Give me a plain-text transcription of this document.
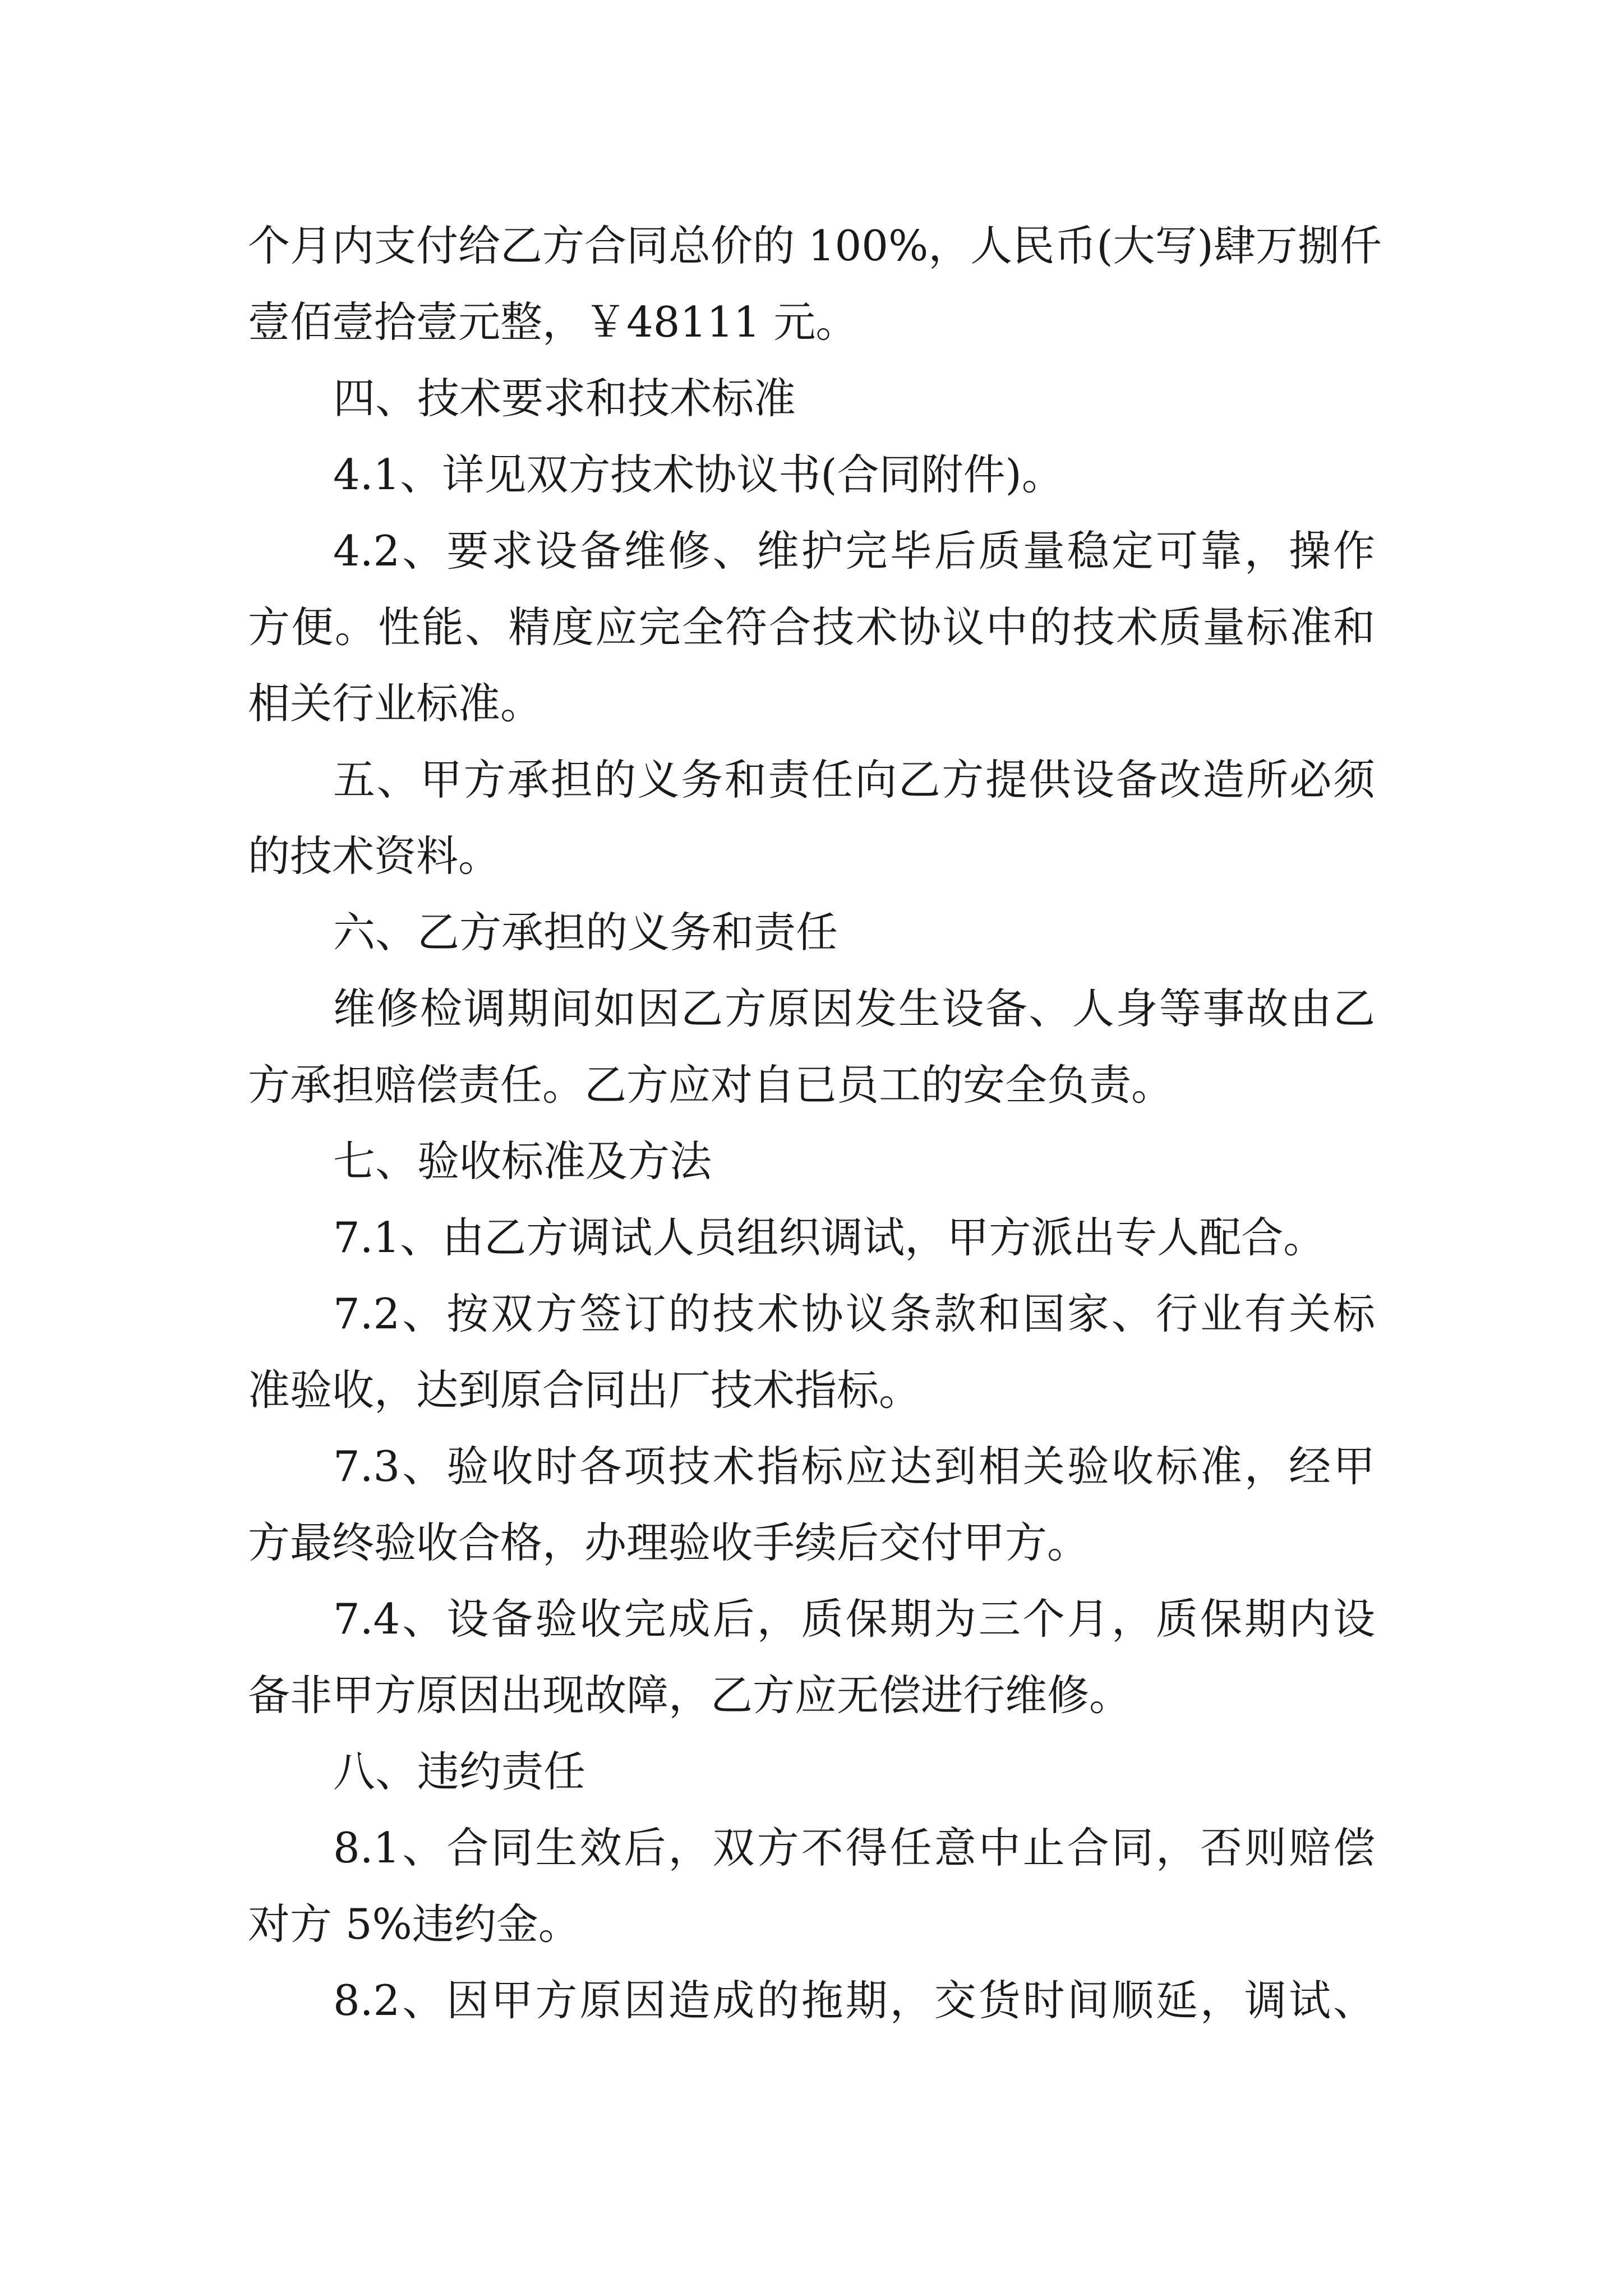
个月内支付给乙方合同总价的 100%，人民币(大写)肆万捌仟
壹佰壹拾壹元整，￥48111 元。
四、技术要求和技术标准
4.1、详见双方技术协议书(合同附件)。
4.2、要求设备维修、维护完毕后质量稳定可靠，操作
方便。性能、精度应完全符合技术协议中的技术质量标准和
相关行业标准。
五、甲方承担的义务和责任向乙方提供设备改造所必须
的技术资料。
六、乙方承担的义务和责任
维修检调期间如因乙方原因发生设备、人身等事故由乙
方承担赔偿责任。乙方应对自已员工的安全负责。
七、验收标准及方法
7.1、由乙方调试人员组织调试，甲方派出专人配合。
7.2、按双方签订的技术协议条款和国家、行业有关标
准验收，达到原合同出厂技术指标。
7.3、验收时各项技术指标应达到相关验收标准，经甲
方最终验收合格，办理验收手续后交付甲方。
7.4、设备验收完成后，质保期为三个月，质保期内设
备非甲方原因出现故障，乙方应无偿进行维修。
八、违约责任
8.1、合同生效后，双方不得任意中止合同，否则赔偿
对方 5%违约金。
8.2、因甲方原因造成的拖期，交货时间顺延，调试、
